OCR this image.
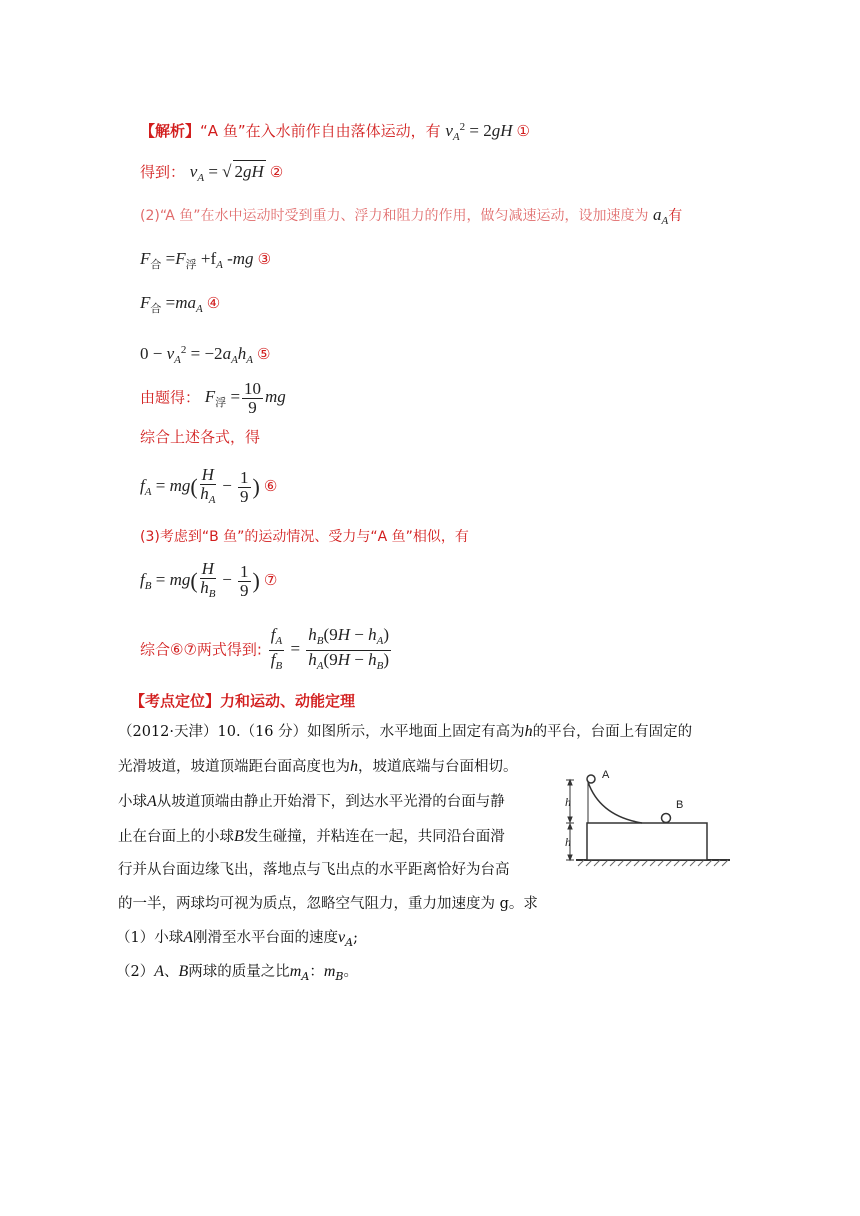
【解析】“A 鱼”在入水前作自由落体运动，有 $v_A^2 = 2gH$ ①
得到： $v_A$ = √ 2gH ②
(2)“A 鱼”在水中运动时受到重力、浮力和阻力的作用，做匀减速运动，设加速度为 $a_A$有
$F_合 =F_浮 +f_A$ -mg ③
$F_合 =ma_A$ ④
$0 - v_A^2 = -2a_Ah_A$ ⑤
由题得： $F_浮 = \frac{10}{9}$ mg
综合上述各式，得
$f_A = mg( \frac{H}{h_A} - \frac{1}{9}$ ) ⑥
(3)考虑到“B 鱼”的运动情况、受力与“A 鱼”相似，有
$f_B = mg( \frac{H}{h_B} - \frac{1}{9}$ ) ⑦
综合⑥⑦两式得到: $\frac{f_A}{f_B} = \frac{h_B(9H - h_A)}{h_A(9H - h_B)}$
【考点定位】力和运动、动能定理
（2012·天津）10.（16 分）如图所示，水平地面上固定有高为h的平台，台面上有固定的
光滑坡道，坡道顶端距台面高度也为h，坡道底端与台面相切。
小球A从坡道顶端由静止开始滑下，到达水平光滑的台面与静
止在台面上的小球B发生碰撞，并粘连在一起，共同沿台面滑
行并从台面边缘飞出，落地点与飞出点的水平距离恰好为台高
的一半，两球均可视为质点，忽略空气阻力，重力加速度为 g。求
（1）小球A刚滑至水平台面的速度$v_A$;
（2）A、B两球的质量之比$m_A$：$m_B$。
A
B
h
h
